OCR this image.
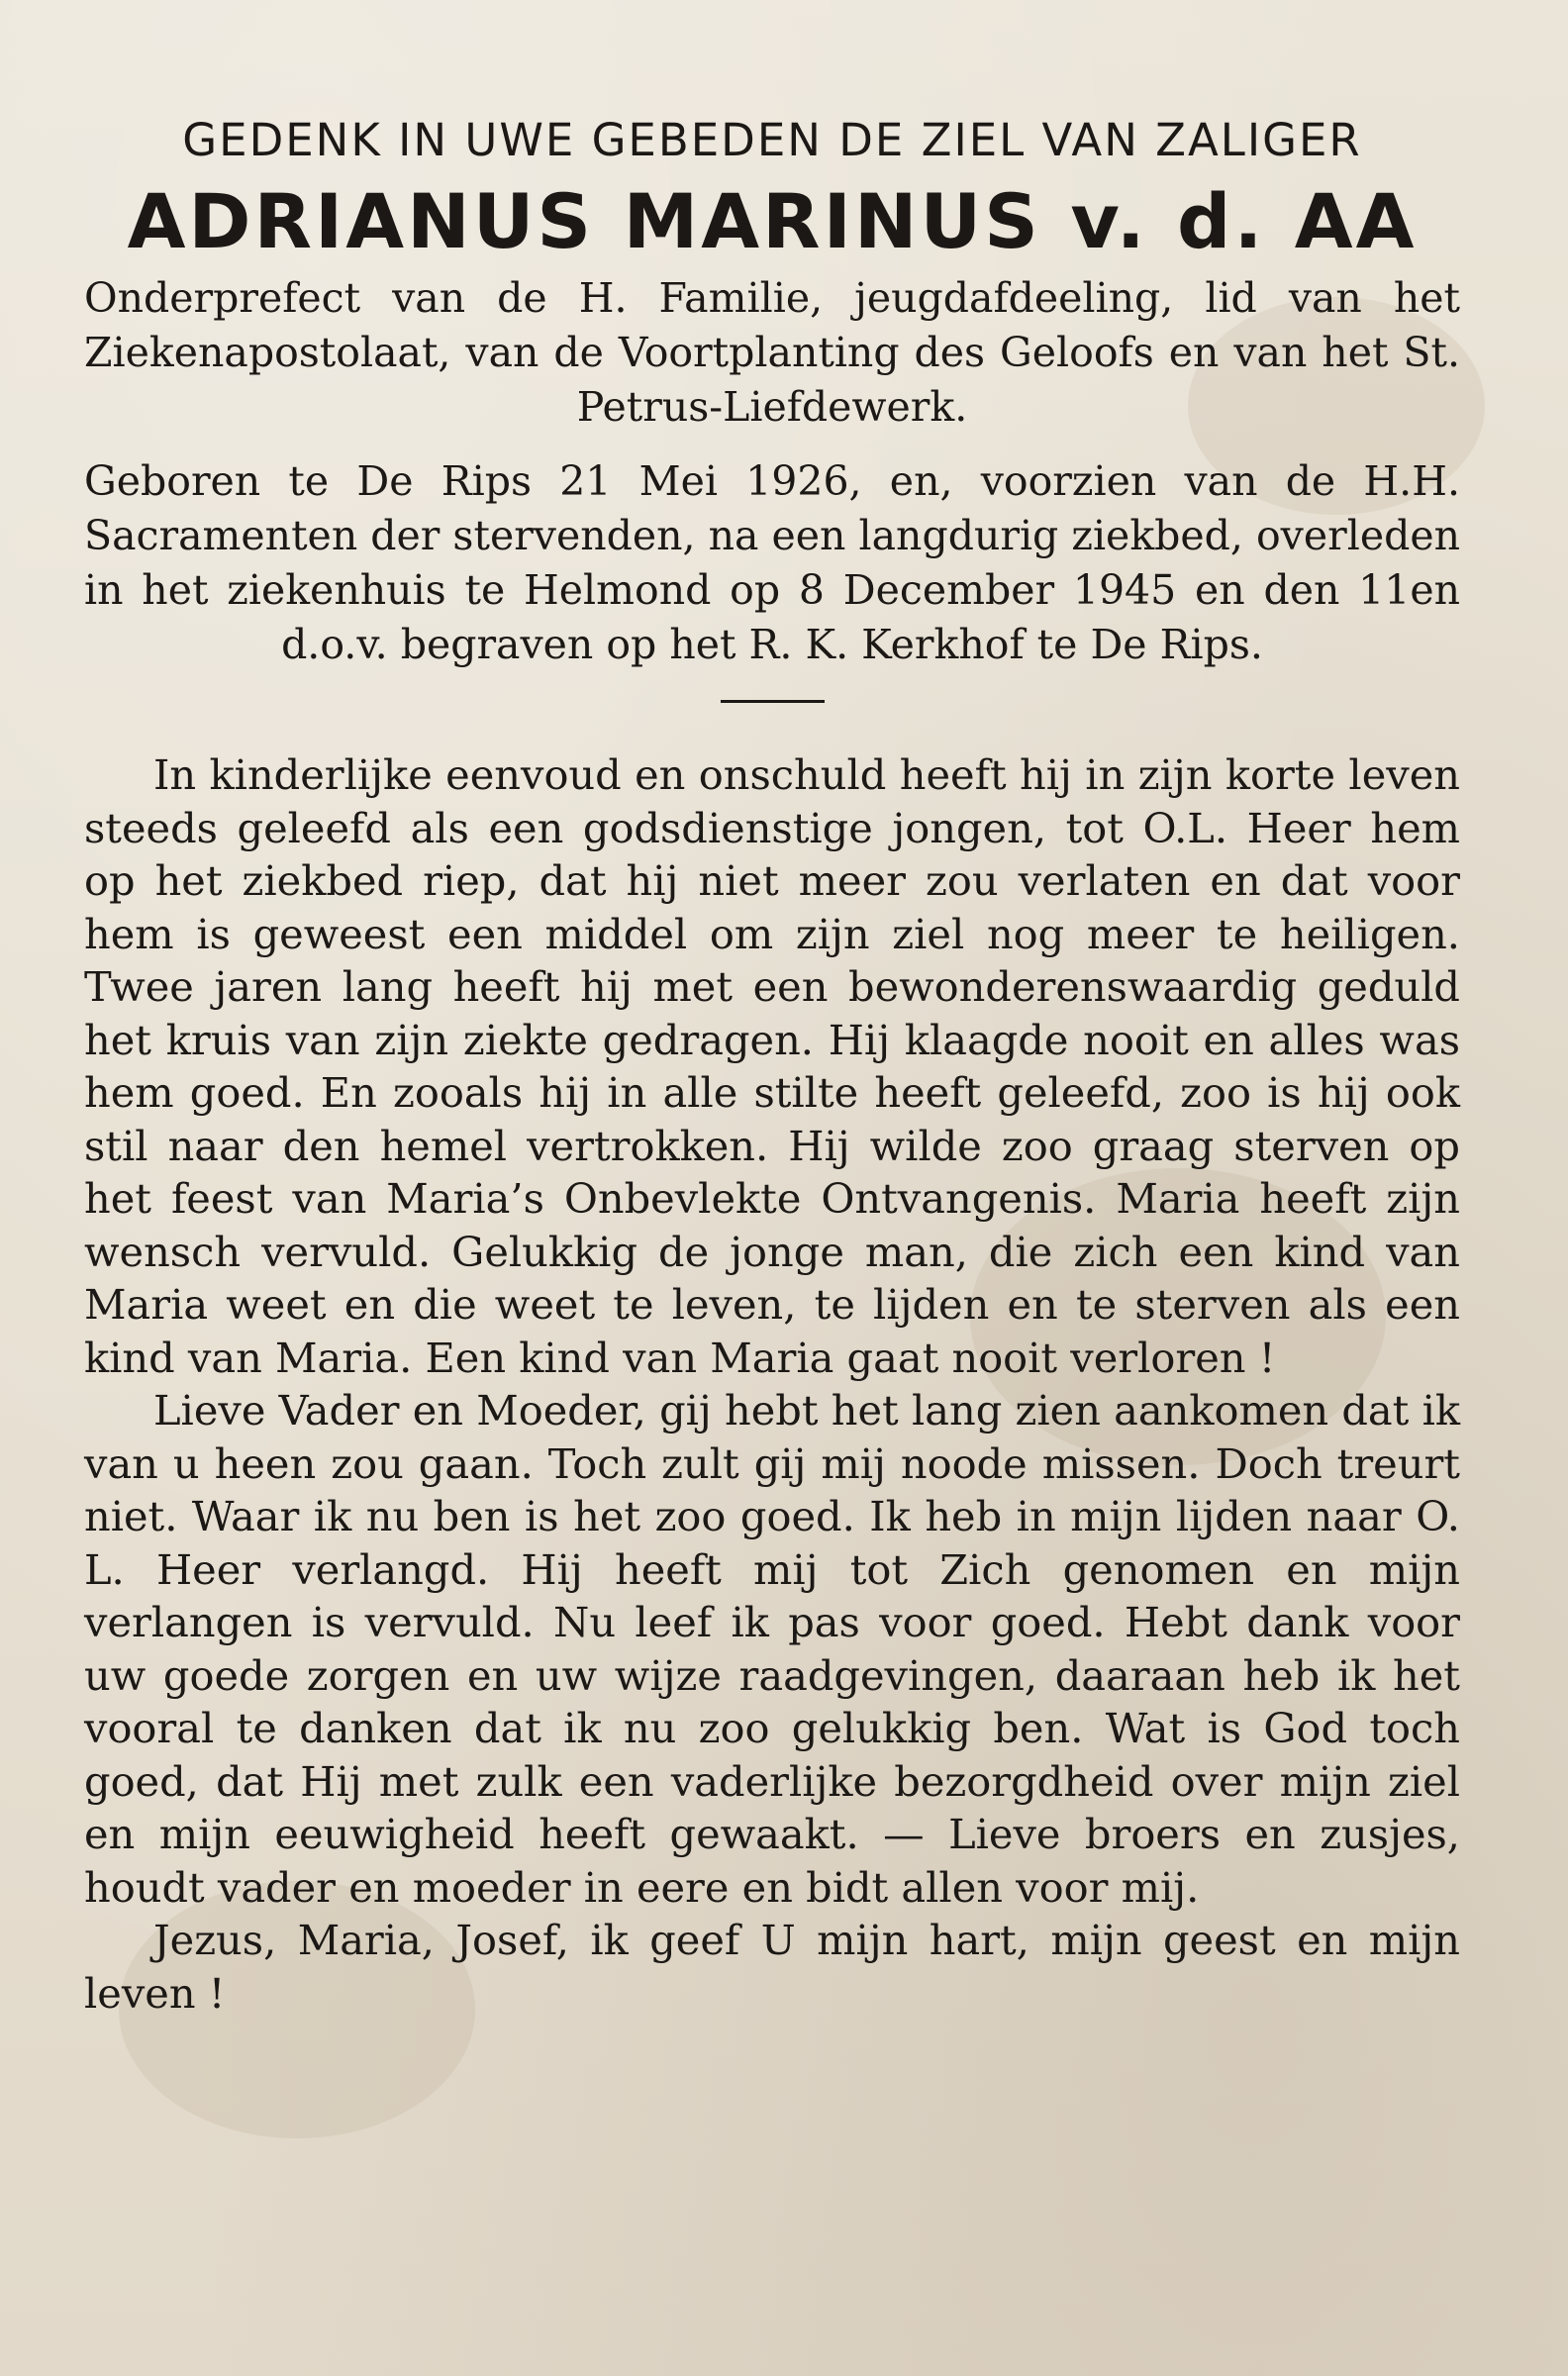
GEDENK IN UWE GEBEDEN DE ZIEL VAN ZALIGER

ADRIANUS MARINUS v. d. AA

Onderprefect van de H. Familie, jeugdafdeeling, lid van het Ziekenapostolaat, van de Voortplanting des Geloofs en van het St. Petrus-Liefdewerk.

Geboren te De Rips 21 Mei 1926, en, voorzien van de H.H. Sacramenten der stervenden, na een langdurig ziekbed, overleden in het ziekenhuis te Helmond op 8 December 1945 en den 11en d.o.v. begraven op het R. K. Kerkhof te De Rips.

In kinderlijke eenvoud en onschuld heeft hij in zijn korte leven steeds geleefd als een godsdienstige jongen, tot O.L. Heer hem op het ziekbed riep, dat hij niet meer zou verlaten en dat voor hem is geweest een middel om zijn ziel nog meer te heiligen. Twee jaren lang heeft hij met een bewonderenswaardig geduld het kruis van zijn ziekte gedragen. Hij klaagde nooit en alles was hem goed. En zooals hij in alle stilte heeft geleefd, zoo is hij ook stil naar den hemel vertrokken. Hij wilde zoo graag sterven op het feest van Maria’s Onbevlekte Ontvangenis. Maria heeft zijn wensch vervuld. Gelukkig de jonge man, die zich een kind van Maria weet en die weet te leven, te lijden en te sterven als een kind van Maria. Een kind van Maria gaat nooit verloren !

Lieve Vader en Moeder, gij hebt het lang zien aankomen dat ik van u heen zou gaan. Toch zult gij mij noode missen. Doch treurt niet. Waar ik nu ben is het zoo goed. Ik heb in mijn lijden naar O. L. Heer verlangd. Hij heeft mij tot Zich genomen en mijn verlangen is vervuld. Nu leef ik pas voor goed. Hebt dank voor uw goede zorgen en uw wijze raadgevingen, daaraan heb ik het vooral te danken dat ik nu zoo gelukkig ben. Wat is God toch goed, dat Hij met zulk een vaderlijke bezorgdheid over mijn ziel en mijn eeuwigheid heeft gewaakt. — Lieve broers en zusjes, houdt vader en moeder in eere en bidt allen voor mij.

Jezus, Maria, Josef, ik geef U mijn hart, mijn geest en mijn leven !
